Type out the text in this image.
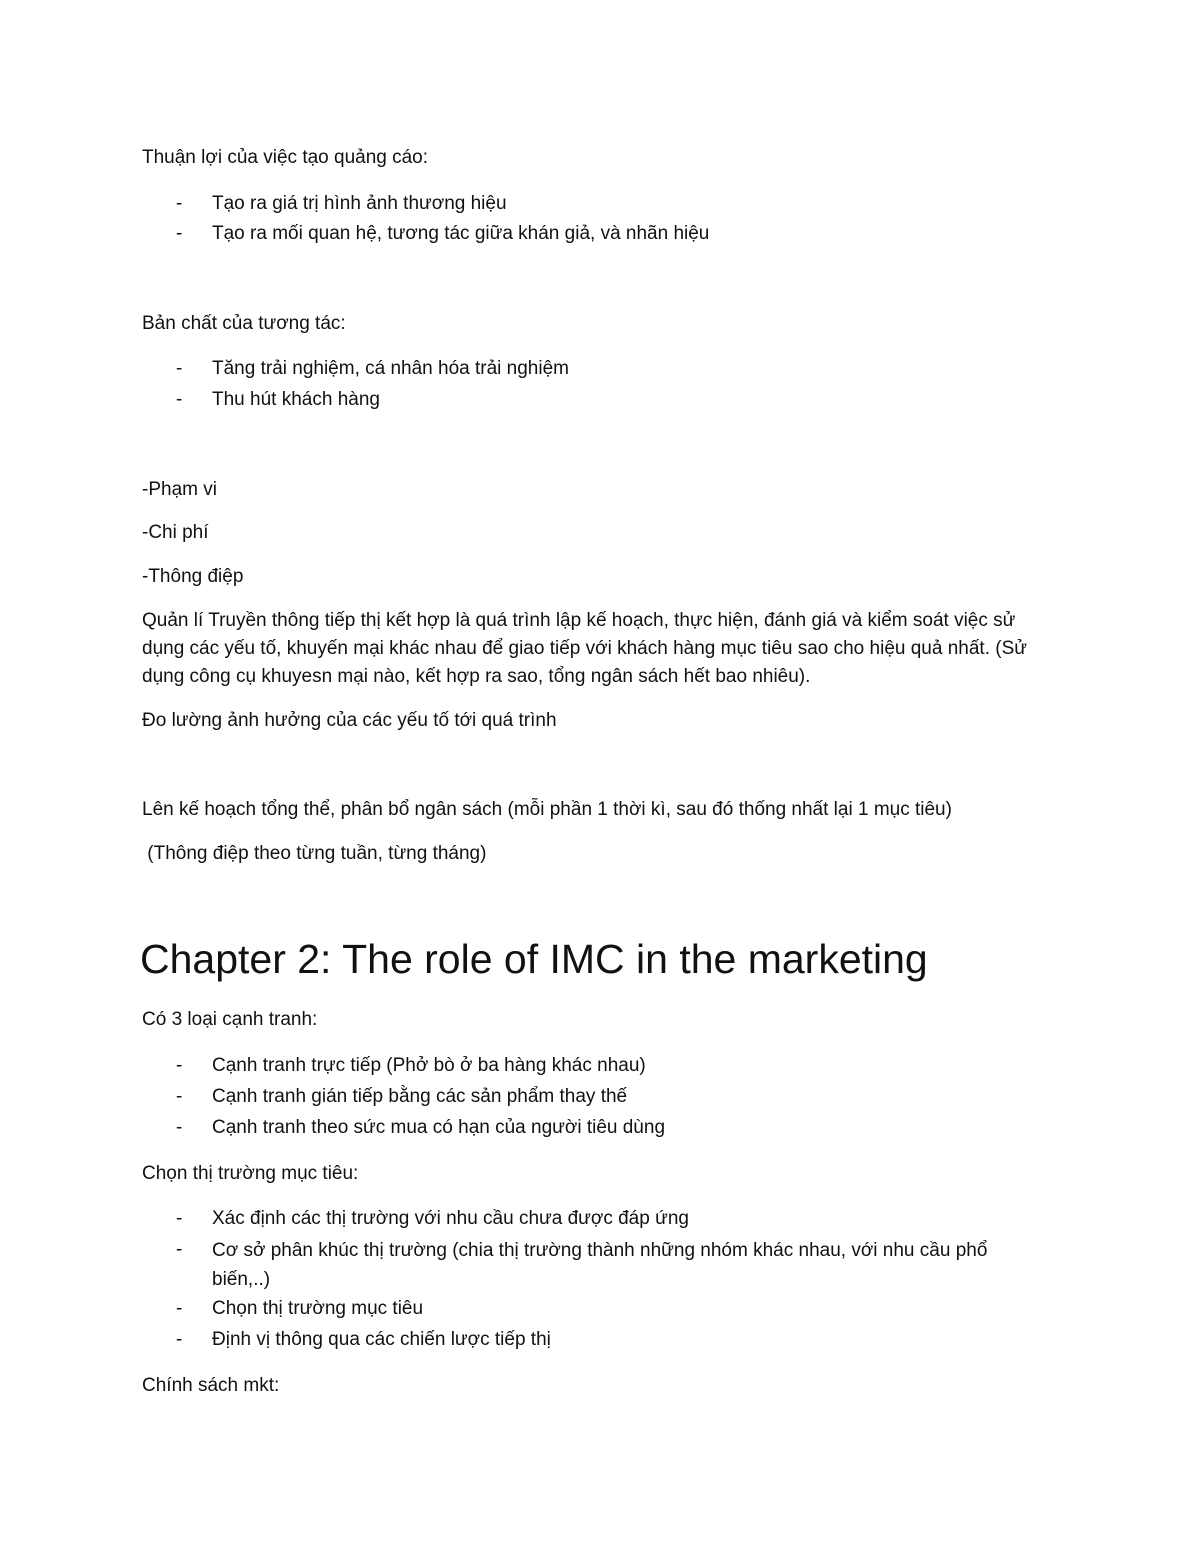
Thuận lợi của việc tạo quảng cáo:
- Tạo ra giá trị hình ảnh thương hiệu
- Tạo ra mối quan hệ, tương tác giữa khán giả, và nhãn hiệu
Bản chất của tương tác:
- Tăng trải nghiệm, cá nhân hóa trải nghiệm
- Thu hút khách hàng
-Phạm vi
-Chi phí
-Thông điệp
Quản lí Truyền thông tiếp thị kết hợp là quá trình lập kế hoạch, thực hiện, đánh giá và kiểm soát việc sử dụng các yếu tố, khuyến mại khác nhau để giao tiếp với khách hàng mục tiêu sao cho hiệu quả nhất. (Sử dụng công cụ khuyesn mại nào, kết hợp ra sao, tổng ngân sách hết bao nhiêu).
Đo lường ảnh hưởng của các yếu tố tới quá trình
Lên kế hoạch tổng thể, phân bổ ngân sách (mỗi phần 1 thời kì, sau đó thống nhất lại 1 mục tiêu)
(Thông điệp theo từng tuần, từng tháng)
Chapter 2: The role of IMC in the marketing
Có 3 loại cạnh tranh:
- Cạnh tranh trực tiếp (Phở bò ở ba hàng khác nhau)
- Cạnh tranh gián tiếp bằng các sản phẩm thay thế
- Cạnh tranh theo sức mua có hạn của người tiêu dùng
Chọn thị trường mục tiêu:
- Xác định các thị trường với nhu cầu chưa được đáp ứng
- Cơ sở phân khúc thị trường (chia thị trường thành những nhóm khác nhau, với nhu cầu phổ biến,..)
- Chọn thị trường mục tiêu
- Định vị thông qua các chiến lược tiếp thị
Chính sách mkt:
